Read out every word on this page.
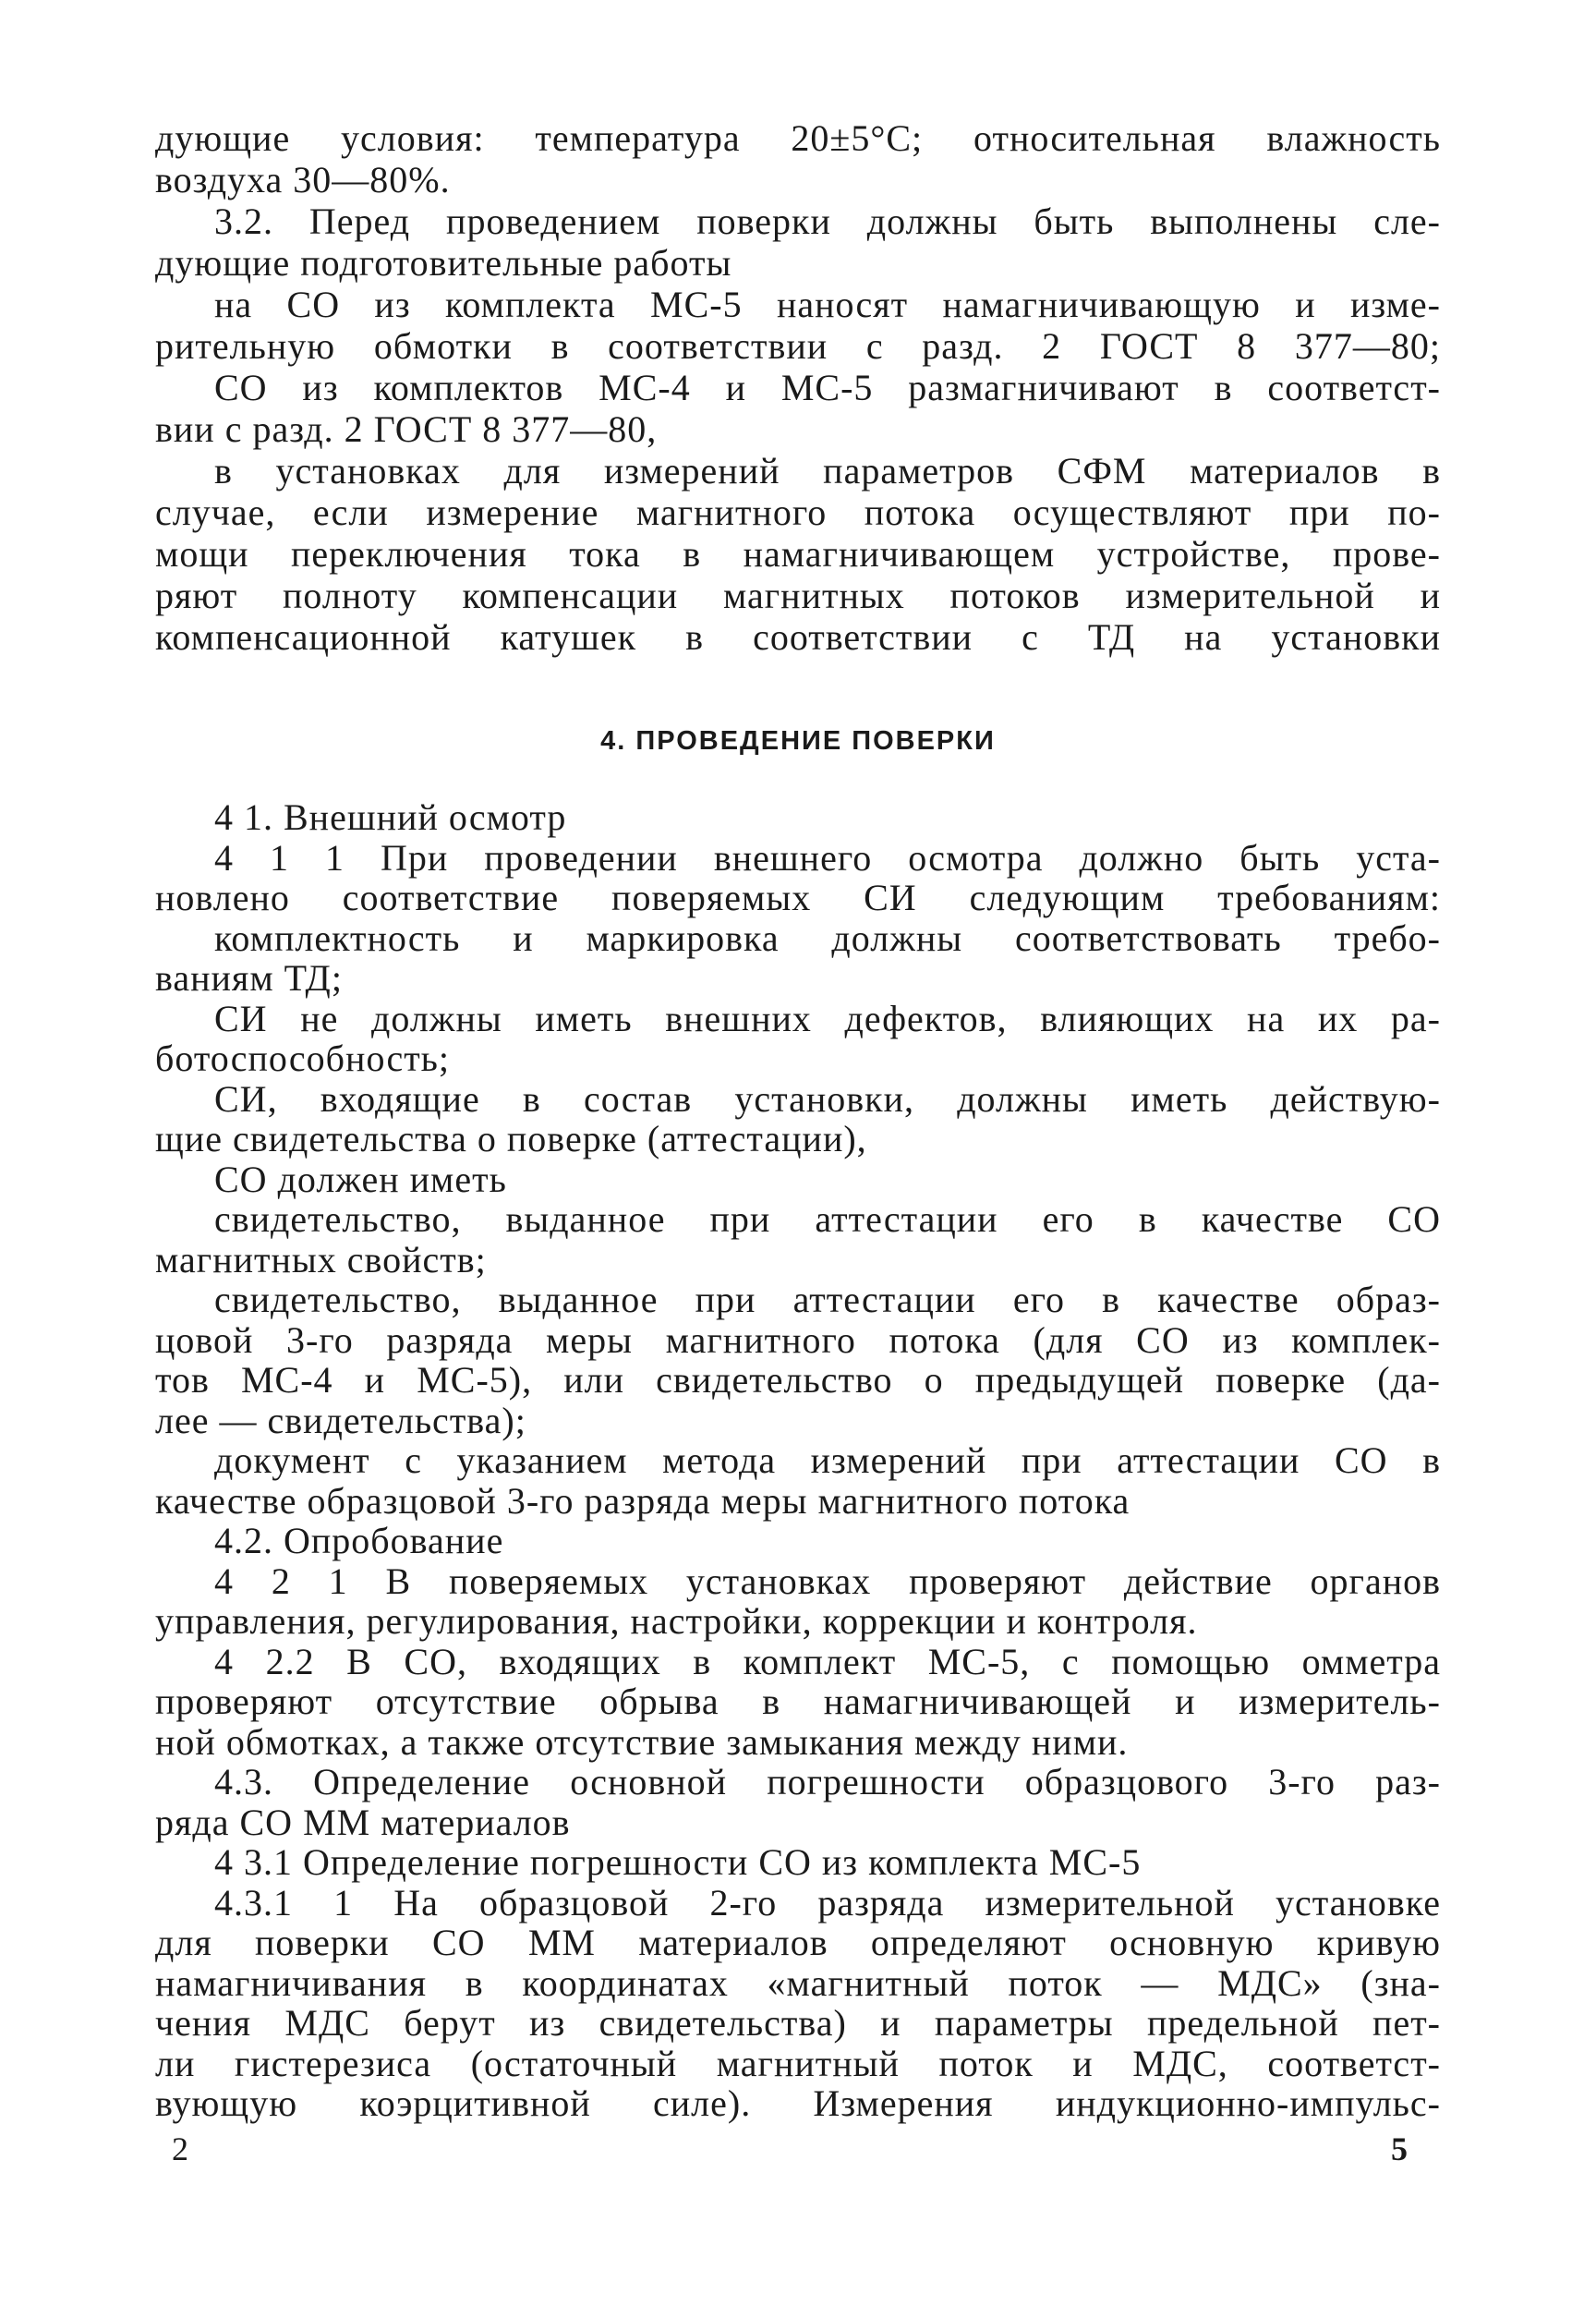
дующие условия: температура 20±5°С; относительная влажность
воздуха 30—80%.
3.2. Перед проведением поверки должны быть выполнены сле-
дующие подготовительные работы
на СО из комплекта МС-5 наносят намагничивающую и изме-
рительную обмотки в соответствии с разд. 2 ГОСТ 8 377—80;
СО из комплектов МС-4 и МС-5 размагничивают в соответст-
вии с разд. 2 ГОСТ 8 377—80,
в установках для измерений параметров СФМ материалов в
случае, если измерение магнитного потока осуществляют при по-
мощи переключения тока в намагничивающем устройстве, прове-
ряют полноту компенсации магнитных потоков измерительной и
компенсационной катушек в соответствии с ТД на установки
4. ПРОВЕДЕНИЕ ПОВЕРКИ
4 1. Внешний осмотр
4 1 1 При проведении внешнего осмотра должно быть уста-
новлено соответствие поверяемых СИ следующим требованиям:
комплектность и маркировка должны соответствовать требо-
ваниям ТД;
СИ не должны иметь внешних дефектов, влияющих на их ра-
ботоспособность;
СИ, входящие в состав установки, должны иметь действую-
щие свидетельства о поверке (аттестации),
СО должен иметь
свидетельство, выданное при аттестации его в качестве СО
магнитных свойств;
свидетельство, выданное при аттестации его в качестве образ-
цовой 3-го разряда меры магнитного потока (для СО из комплек-
тов МС-4 и МС-5), или свидетельство о предыдущей поверке (да-
лее — свидетельства);
документ с указанием метода измерений при аттестации СО в
качестве образцовой 3-го разряда меры магнитного потока
4.2. Опробование
4 2 1 В поверяемых установках проверяют действие органов
управления, регулирования, настройки, коррекции и контроля.
4 2.2 В СО, входящих в комплект МС-5, с помощью омметра
проверяют отсутствие обрыва в намагничивающей и измеритель-
ной обмотках, а также отсутствие замыкания между ними.
4.3. Определение основной погрешности образцового 3-го раз-
ряда СО ММ материалов
4 3.1 Определение погрешности СО из комплекта МС-5
4.3.1 1 На образцовой 2-го разряда измерительной установке
для поверки СО ММ материалов определяют основную кривую
намагничивания в координатах «магнитный поток — МДС» (зна-
чения МДС берут из свидетельства) и параметры предельной пет-
ли гистерезиса (остаточный магнитный поток и МДС, соответст-
вующую коэрцитивной силе). Измерения индукционно-импульс-
2	5
